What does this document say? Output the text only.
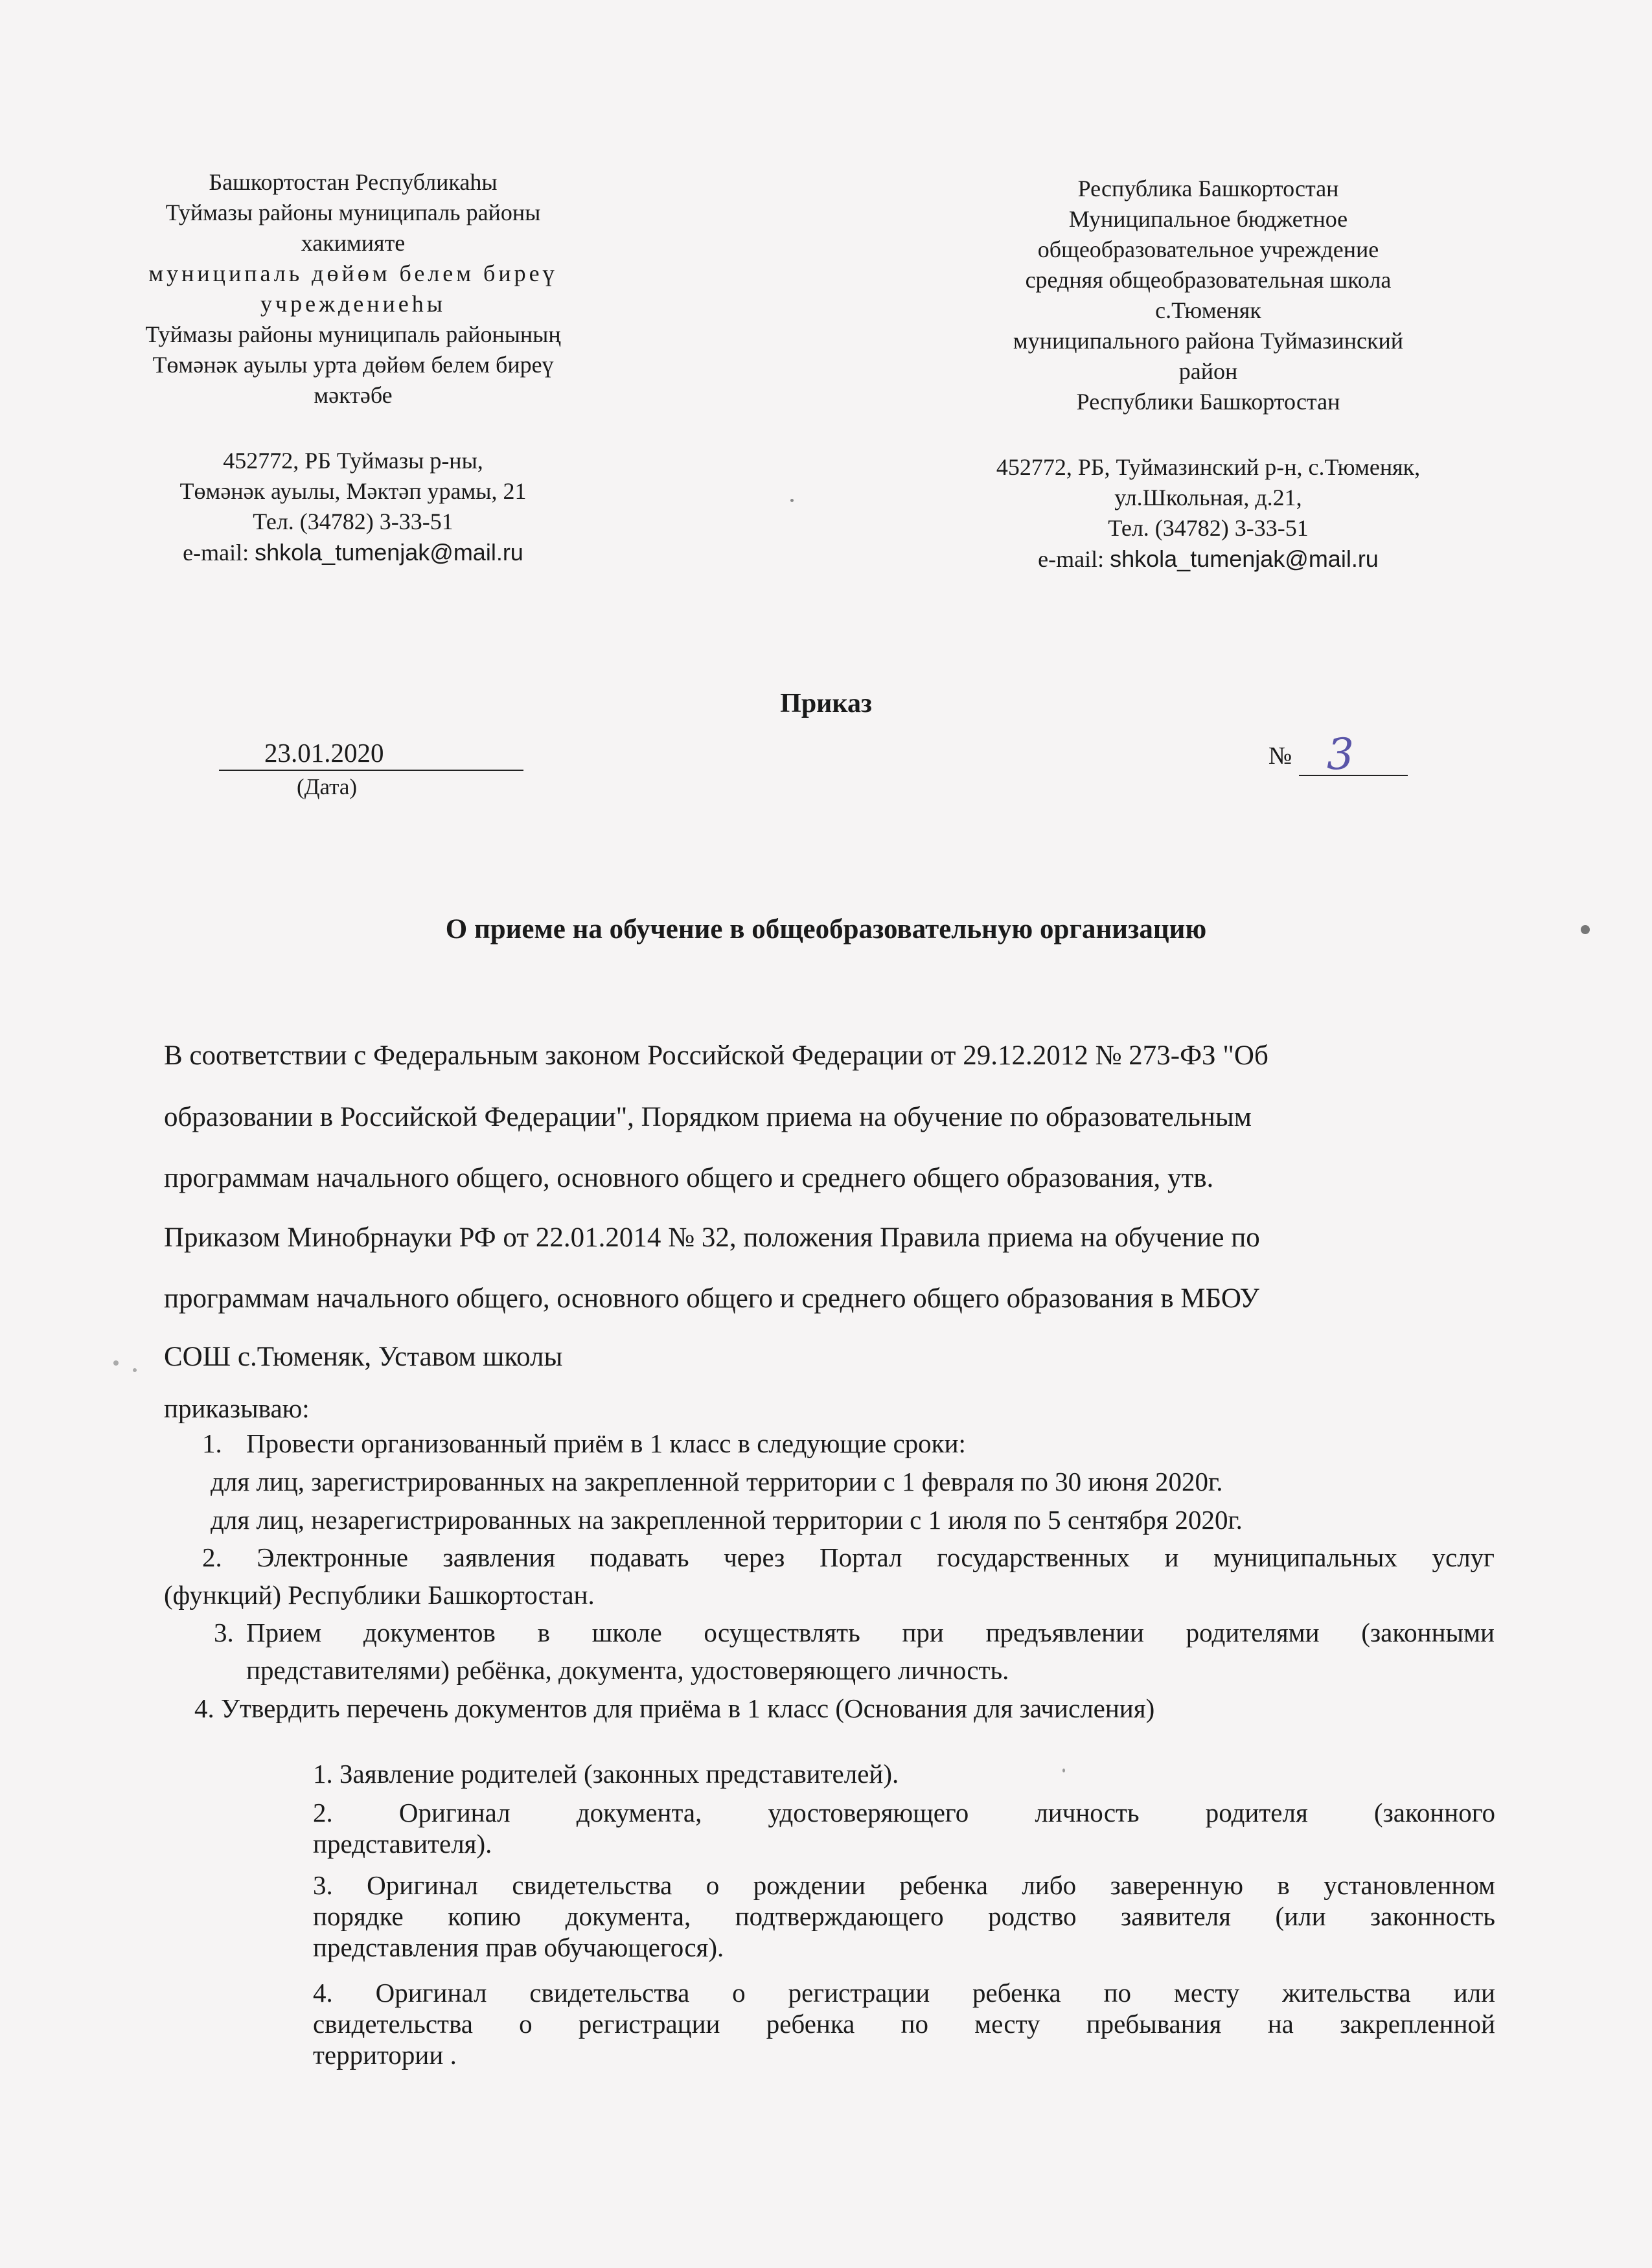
Башкортостан Республикаһы
Туймазы районы муниципаль районы
хакимияте
муниципаль дөйөм белем биреү
учреждениеһы
Туймазы районы муниципаль районының
Төмәнәк ауылы урта дөйөм белем биреү
мәктәбе
452772, РБ Туймазы р-ны,
Төмәнәк ауылы, Мәктәп урамы, 21
Тел. (34782) 3-33-51
e-mail: shkola_tumenjak@mail.ru
Республика Башкортостан
Муниципальное бюджетное
общеобразовательное учреждение
средняя общеобразовательная школа
с.Тюменяк
муниципального района Туймазинский
район
Республики Башкортостан
452772, РБ, Туймазинский р-н, с.Тюменяк,
ул.Школьная, д.21,
Тел. (34782) 3-33-51
e-mail: shkola_tumenjak@mail.ru
Приказ
23.01.2020
(Дата)
№ 3
О приеме на обучение в общеобразовательную организацию
В соответствии с Федеральным законом Российской Федерации от 29.12.2012 № 273-ФЗ "Об
образовании в Российской Федерации", Порядком приема на обучение по образовательным
программам начального общего, основного общего и среднего общего образования, утв.
Приказом Минобрнауки РФ от 22.01.2014 № 32, положения Правила приема на обучение по
программам начального общего, основного общего и среднего общего образования в МБОУ
СОШ с.Тюменяк, Уставом школы
приказываю:
1. Провести организованный приём в 1 класс в следующие сроки:
для лиц, зарегистрированных на закрепленной территории с 1 февраля по 30 июня 2020г.
для лиц, незарегистрированных на закрепленной территории с 1 июля по 5 сентября 2020г.
2. Электронные заявления подавать через Портал государственных и муниципальных услуг
(функций) Республики Башкортостан.
3. Прием документов в школе осуществлять при предъявлении родителями (законными
представителями) ребёнка, документа, удостоверяющего личность.
4. Утвердить перечень документов для приёма в 1 класс (Основания для зачисления)
1. Заявление родителей (законных представителей).
2. Оригинал документа, удостоверяющего личность родителя (законного
представителя).
3. Оригинал свидетельства о рождении ребенка либо заверенную в установленном
порядке копию документа, подтверждающего родство заявителя (или законность
представления прав обучающегося).
4. Оригинал свидетельства о регистрации ребенка по месту жительства или
свидетельства о регистрации ребенка по месту пребывания на закрепленной
территории .
